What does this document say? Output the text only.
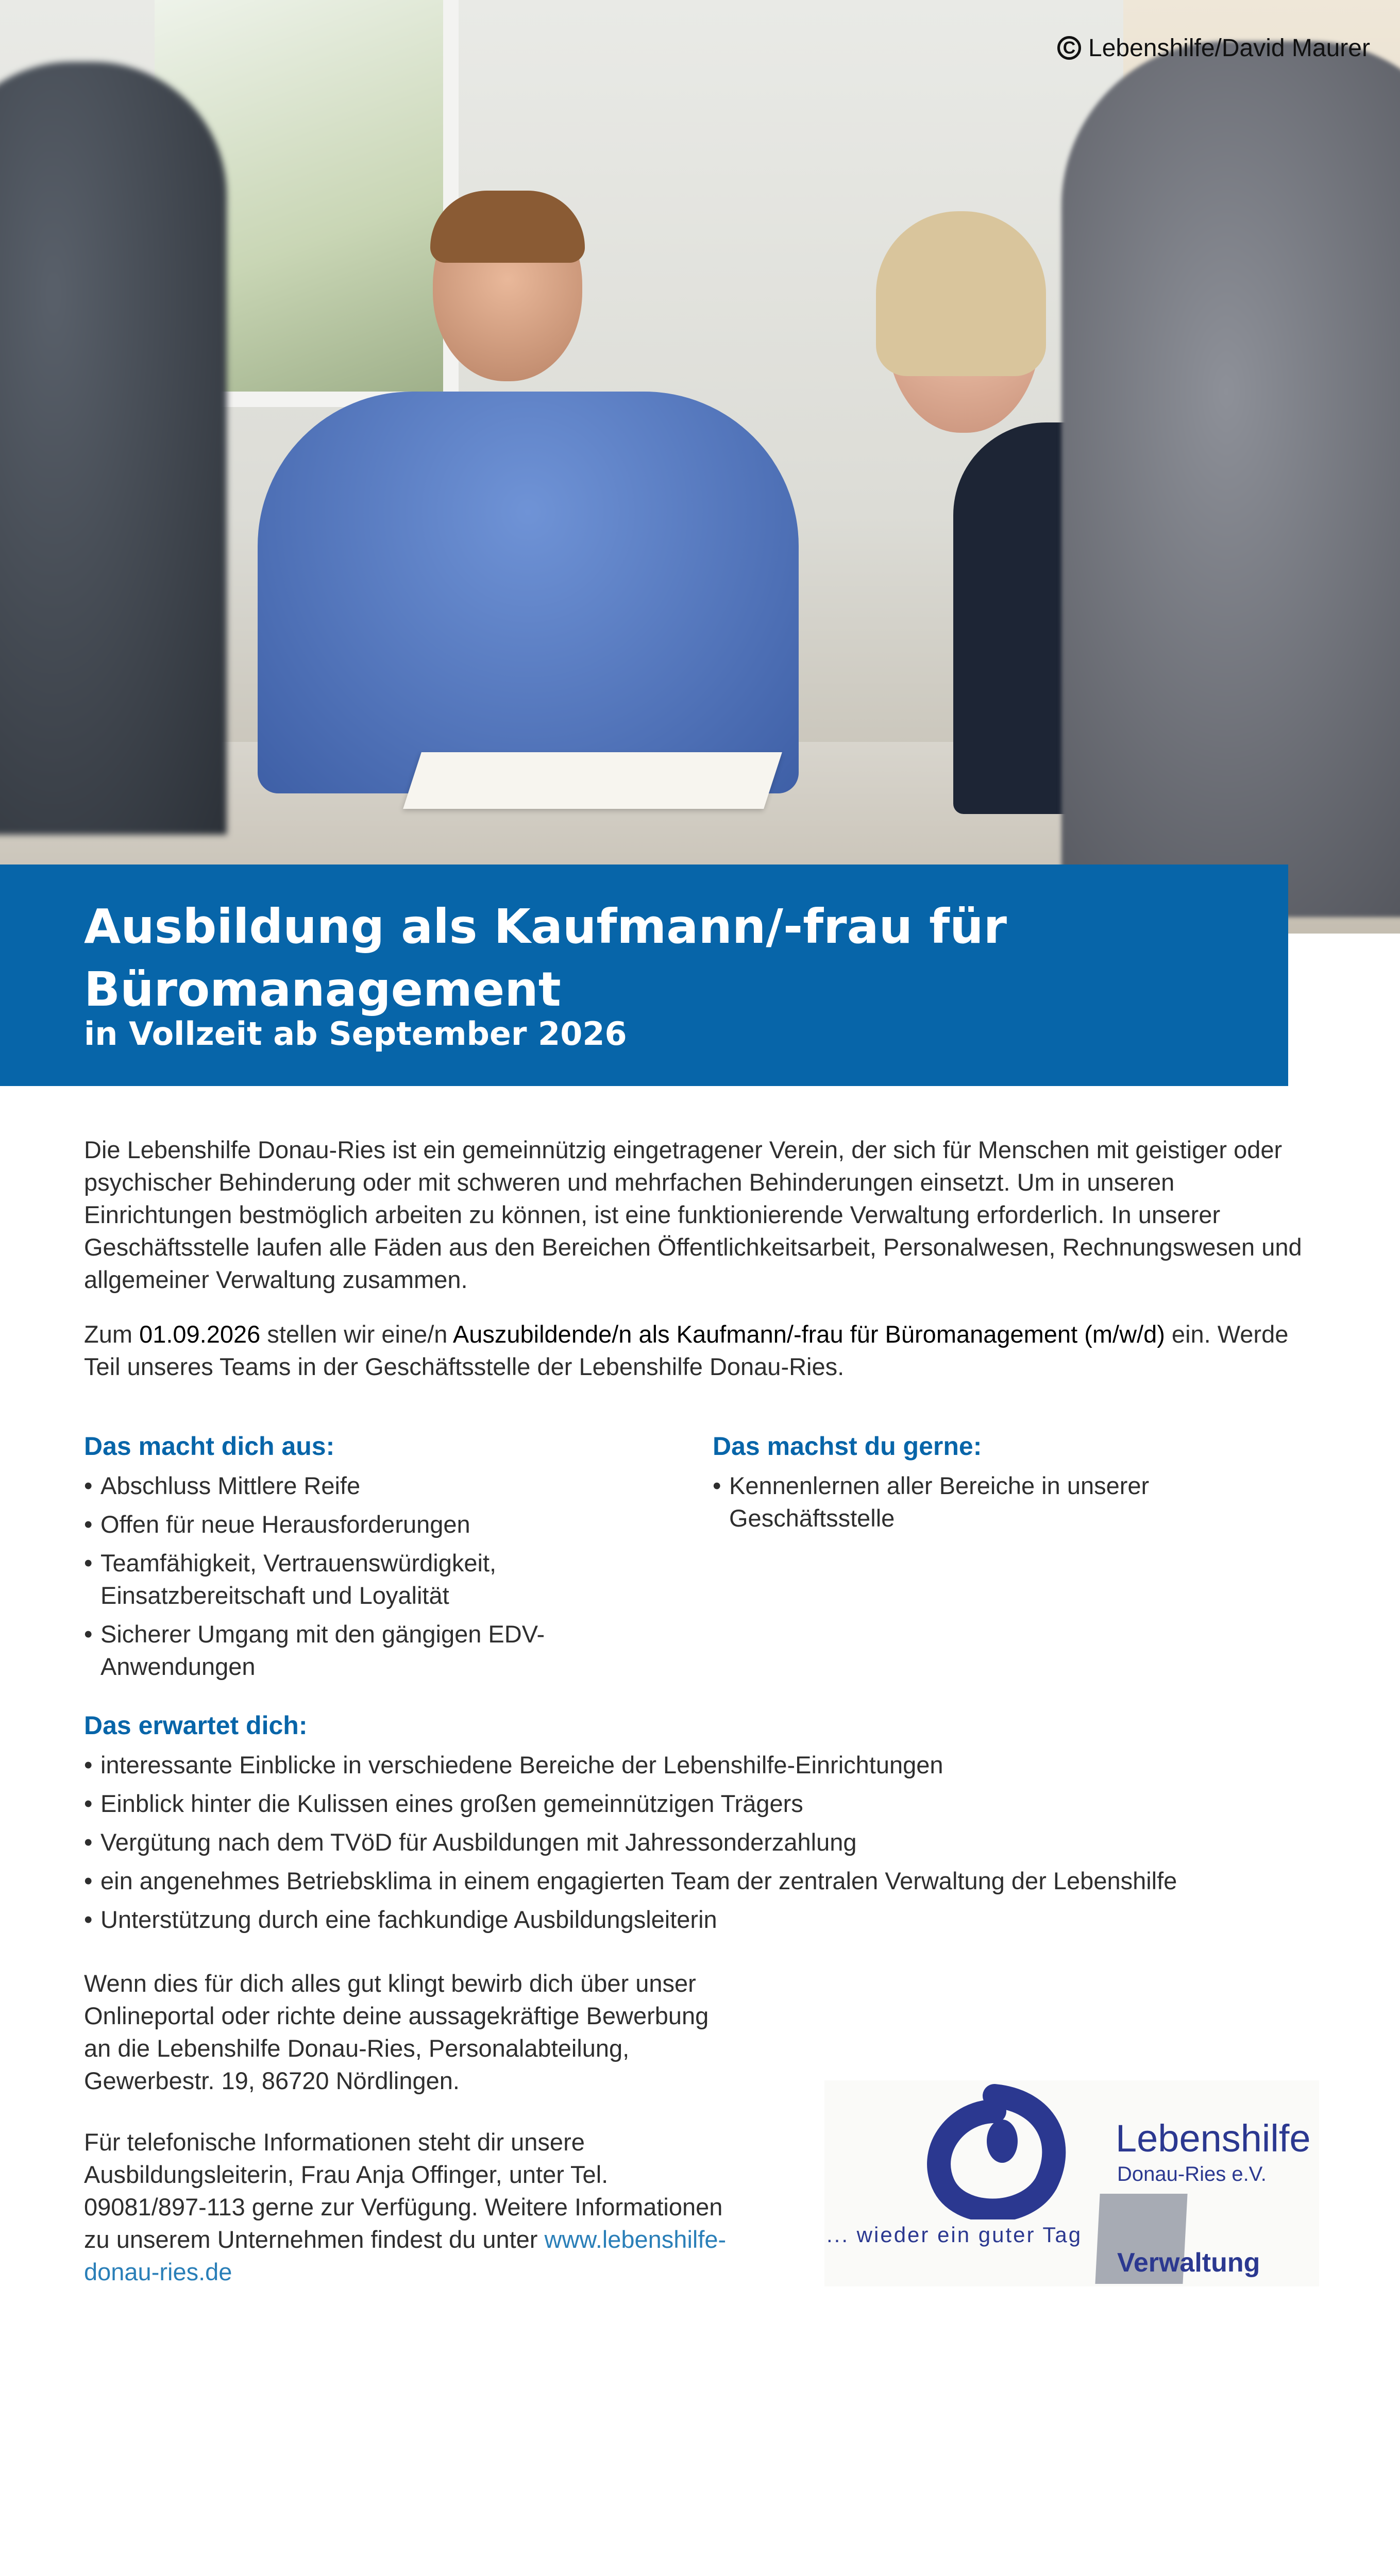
C Lebenshilfe/David Maurer
Ausbildung als Kaufmann/-frau für Büromanagement
in Vollzeit ab September 2026
Die Lebenshilfe Donau-Ries ist ein gemeinnützig eingetragener Verein, der sich für Menschen mit geistiger oder psychischer Behinderung oder mit schweren und mehrfachen Behinderungen einsetzt. Um in unseren Einrichtungen bestmöglich arbeiten zu können, ist eine funktionierende Verwaltung erforderlich. In unserer Geschäftsstelle laufen alle Fäden aus den Bereichen Öffentlichkeitsarbeit, Personalwesen, Rechnungswesen und allgemeiner Verwaltung zusammen.
Zum 01.09.2026 stellen wir eine/n Auszubildende/n als Kaufmann/-frau für Büromanagement (m/w/d) ein. Werde Teil unseres Teams in der Geschäftsstelle der Lebenshilfe Donau-Ries.
Das macht dich aus:
• Abschluss Mittlere Reife
• Offen für neue Herausforderungen
• Teamfähigkeit, Vertrauenswürdigkeit, Einsatzbereitschaft und Loyalität
• Sicherer Umgang mit den gängigen EDV-Anwendungen
Das machst du gerne:
• Kennenlernen aller Bereiche in unserer Geschäftsstelle
Das erwartet dich:
• interessante Einblicke in verschiedene Bereiche der Lebenshilfe-Einrichtungen
• Einblick hinter die Kulissen eines großen gemeinnützigen Trägers
• Vergütung nach dem TVöD für Ausbildungen mit Jahressonderzahlung
• ein angenehmes Betriebsklima in einem engagierten Team der zentralen Verwaltung der Lebenshilfe
• Unterstützung durch eine fachkundige Ausbildungsleiterin
Wenn dies für dich alles gut klingt bewirb dich über unser Onlineportal oder richte deine aussagekräftige Bewerbung an die Lebenshilfe Donau-Ries, Personalabteilung, Gewerbestr. 19, 86720 Nördlingen.
Für telefonische Informationen steht dir unsere Ausbildungsleiterin, Frau Anja Offinger, unter Tel. 09081/897-113 gerne zur Verfügung. Weitere Informationen zu unserem Unternehmen findest du unter www.lebenshilfe-donau-ries.de
Lebenshilfe
Donau-Ries e.V.
... wieder ein guter Tag
Verwaltung
